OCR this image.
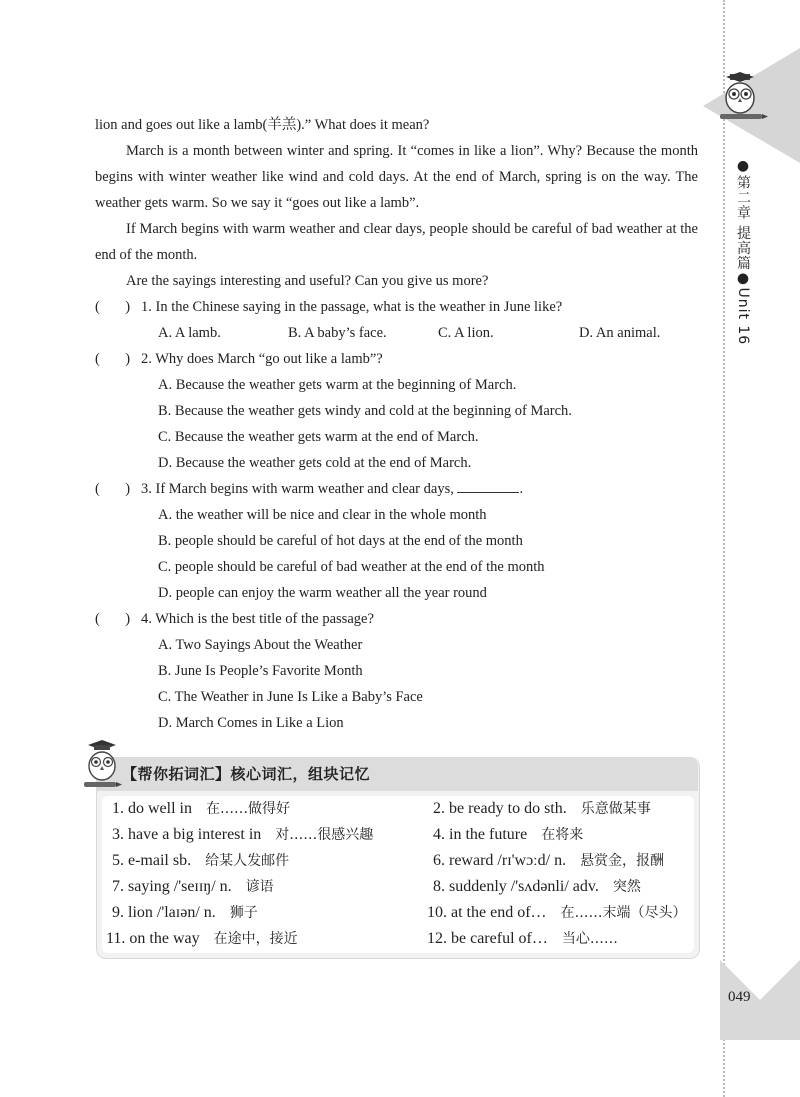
●第二章 提高篇●Unit 16
049

lion and goes out like a lamb(羊羔).” What does it mean?

March is a month between winter and spring. It “comes in like a lion”. Why? Because the month begins with winter weather like wind and cold days. At the end of March, spring is on the way. The weather gets warm. So we say it “goes out like a lamb”.

If March begins with warm weather and clear days, people should be careful of bad weather at the end of the month.

Are the sayings interesting and useful? Can you give us more?

(       ) 1. In the Chinese saying in the passage, what is the weather in June like?
A. A lamb.	B. A baby’s face.	C. A lion.	D. An animal.
(       ) 2. Why does March “go out like a lamb”?
A. Because the weather gets warm at the beginning of March.
B. Because the weather gets windy and cold at the beginning of March.
C. Because the weather gets warm at the end of March.
D. Because the weather gets cold at the end of March.
(       ) 3. If March begins with warm weather and clear days,	.
A. the weather will be nice and clear in the whole month
B. people should be careful of hot days at the end of the month
C. people should be careful of bad weather at the end of the month
D. people can enjoy the warm weather all the year round
(       ) 4. Which is the best title of the passage?
A. Two Sayings About the Weather
B. June Is People’s Favorite Month
C. The Weather in June Is Like a Baby’s Face
D. March Comes in Like a Lion
【帮你拓词汇】核心词汇，组块记忆
1. do well in 在……做得好	2. be ready to do sth. 乐意做某事
3. have a big interest in 对……很感兴趣	4. in the future 在将来
5. e-mail sb. 给某人发邮件	6. reward /rɪ'wɔːd/ n. 悬赏金，报酬
7. saying /'seɪɪŋ/ n. 谚语	8. suddenly /'sʌdənli/ adv. 突然
9. lion /'laɪən/ n. 狮子	10. at the end of… 在……末端（尽头）
11. on the way 在途中，接近	12. be careful of… 当心……
